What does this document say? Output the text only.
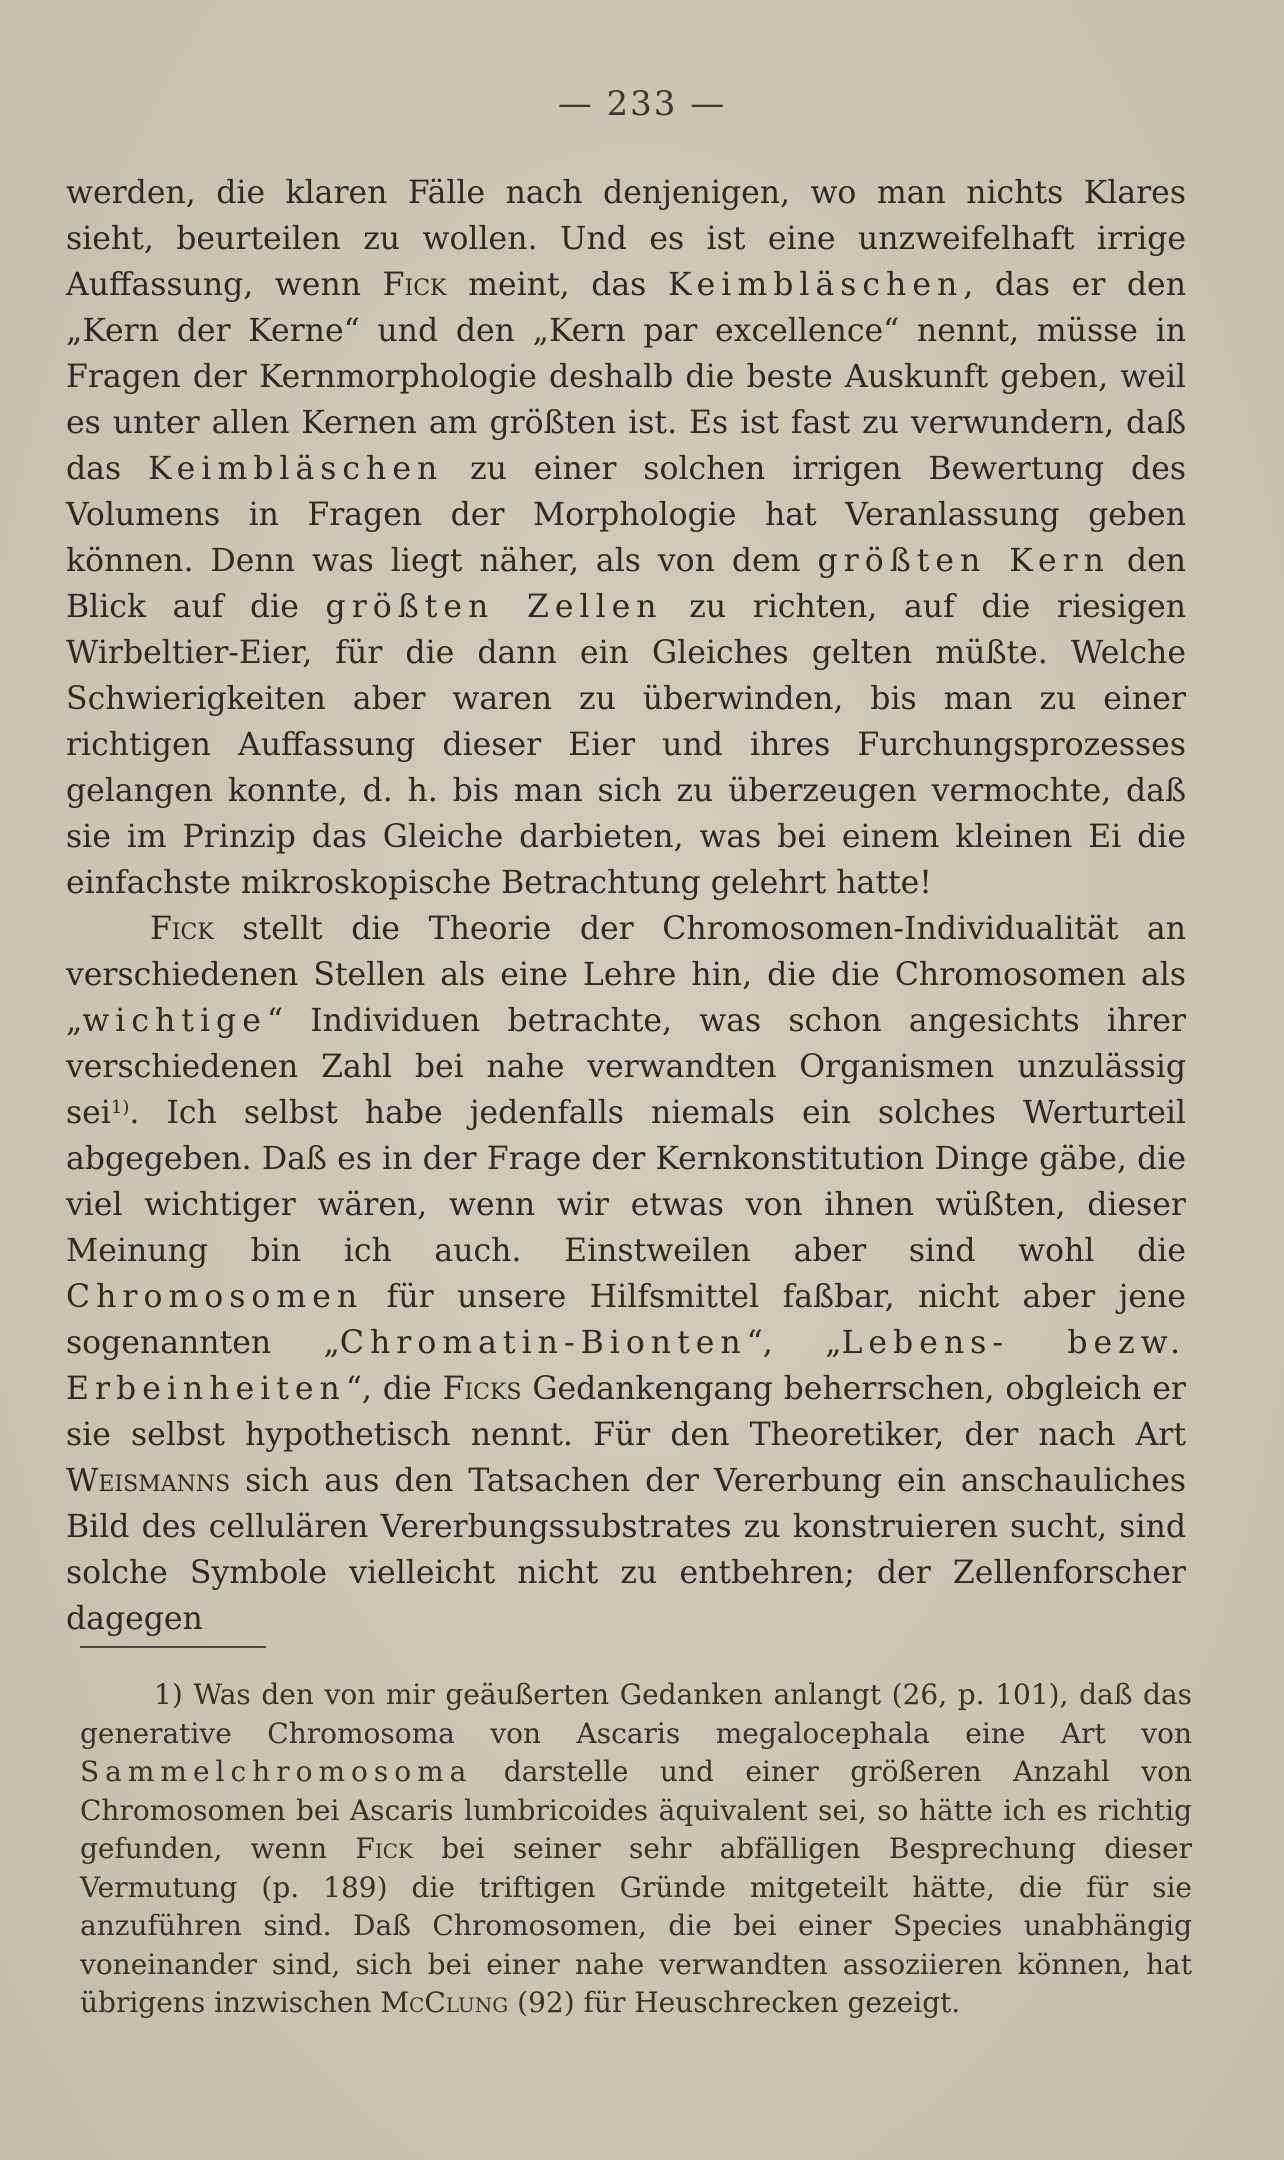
— 233 —

werden, die klaren Fälle nach denjenigen, wo man nichts Klares sieht, beurteilen zu wollen. Und es ist eine unzweifelhaft irrige Auffassung, wenn Fick meint, das Keimbläschen, das er den „Kern der Kerne“ und den „Kern par excellence“ nennt, müsse in Fragen der Kernmorphologie deshalb die beste Auskunft geben, weil es unter allen Kernen am größten ist. Es ist fast zu verwundern, daß das Keimbläschen zu einer solchen irrigen Bewertung des Volumens in Fragen der Morphologie hat Veranlassung geben können. Denn was liegt näher, als von dem größten Kern den Blick auf die größten Zellen zu richten, auf die riesigen Wirbeltier-Eier, für die dann ein Gleiches gelten müßte. Welche Schwierigkeiten aber waren zu überwinden, bis man zu einer richtigen Auffassung dieser Eier und ihres Furchungsprozesses gelangen konnte, d. h. bis man sich zu überzeugen vermochte, daß sie im Prinzip das Gleiche darbieten, was bei einem kleinen Ei die einfachste mikroskopische Betrachtung gelehrt hatte!

Fick stellt die Theorie der Chromosomen-Individualität an verschiedenen Stellen als eine Lehre hin, die die Chromosomen als „wichtige“ Individuen betrachte, was schon angesichts ihrer verschiedenen Zahl bei nahe verwandten Organismen unzulässig sei$^{1)}$. Ich selbst habe jedenfalls niemals ein solches Werturteil abgegeben. Daß es in der Frage der Kernkonstitution Dinge gäbe, die viel wichtiger wären, wenn wir etwas von ihnen wüßten, dieser Meinung bin ich auch. Einstweilen aber sind wohl die Chromosomen für unsere Hilfsmittel faßbar, nicht aber jene sogenannten „Chromatin-Bionten“, „Lebens- bezw. Erbeinheiten“, die Ficks Gedankengang beherrschen, obgleich er sie selbst hypothetisch nennt. Für den Theoretiker, der nach Art Weismanns sich aus den Tatsachen der Vererbung ein anschauliches Bild des cellulären Vererbungssubstrates zu konstruieren sucht, sind solche Symbole vielleicht nicht zu entbehren; der Zellenforscher dagegen

1) Was den von mir geäußerten Gedanken anlangt (26, p. 101), daß das generative Chromosoma von Ascaris megalocephala eine Art von Sammelchromosoma darstelle und einer größeren Anzahl von Chromosomen bei Ascaris lumbricoides äquivalent sei, so hätte ich es richtig gefunden, wenn Fick bei seiner sehr abfälligen Besprechung dieser Vermutung (p. 189) die triftigen Gründe mitgeteilt hätte, die für sie anzuführen sind. Daß Chromosomen, die bei einer Species unabhängig voneinander sind, sich bei einer nahe verwandten assoziieren können, hat übrigens inzwischen McClung (92) für Heuschrecken gezeigt.
